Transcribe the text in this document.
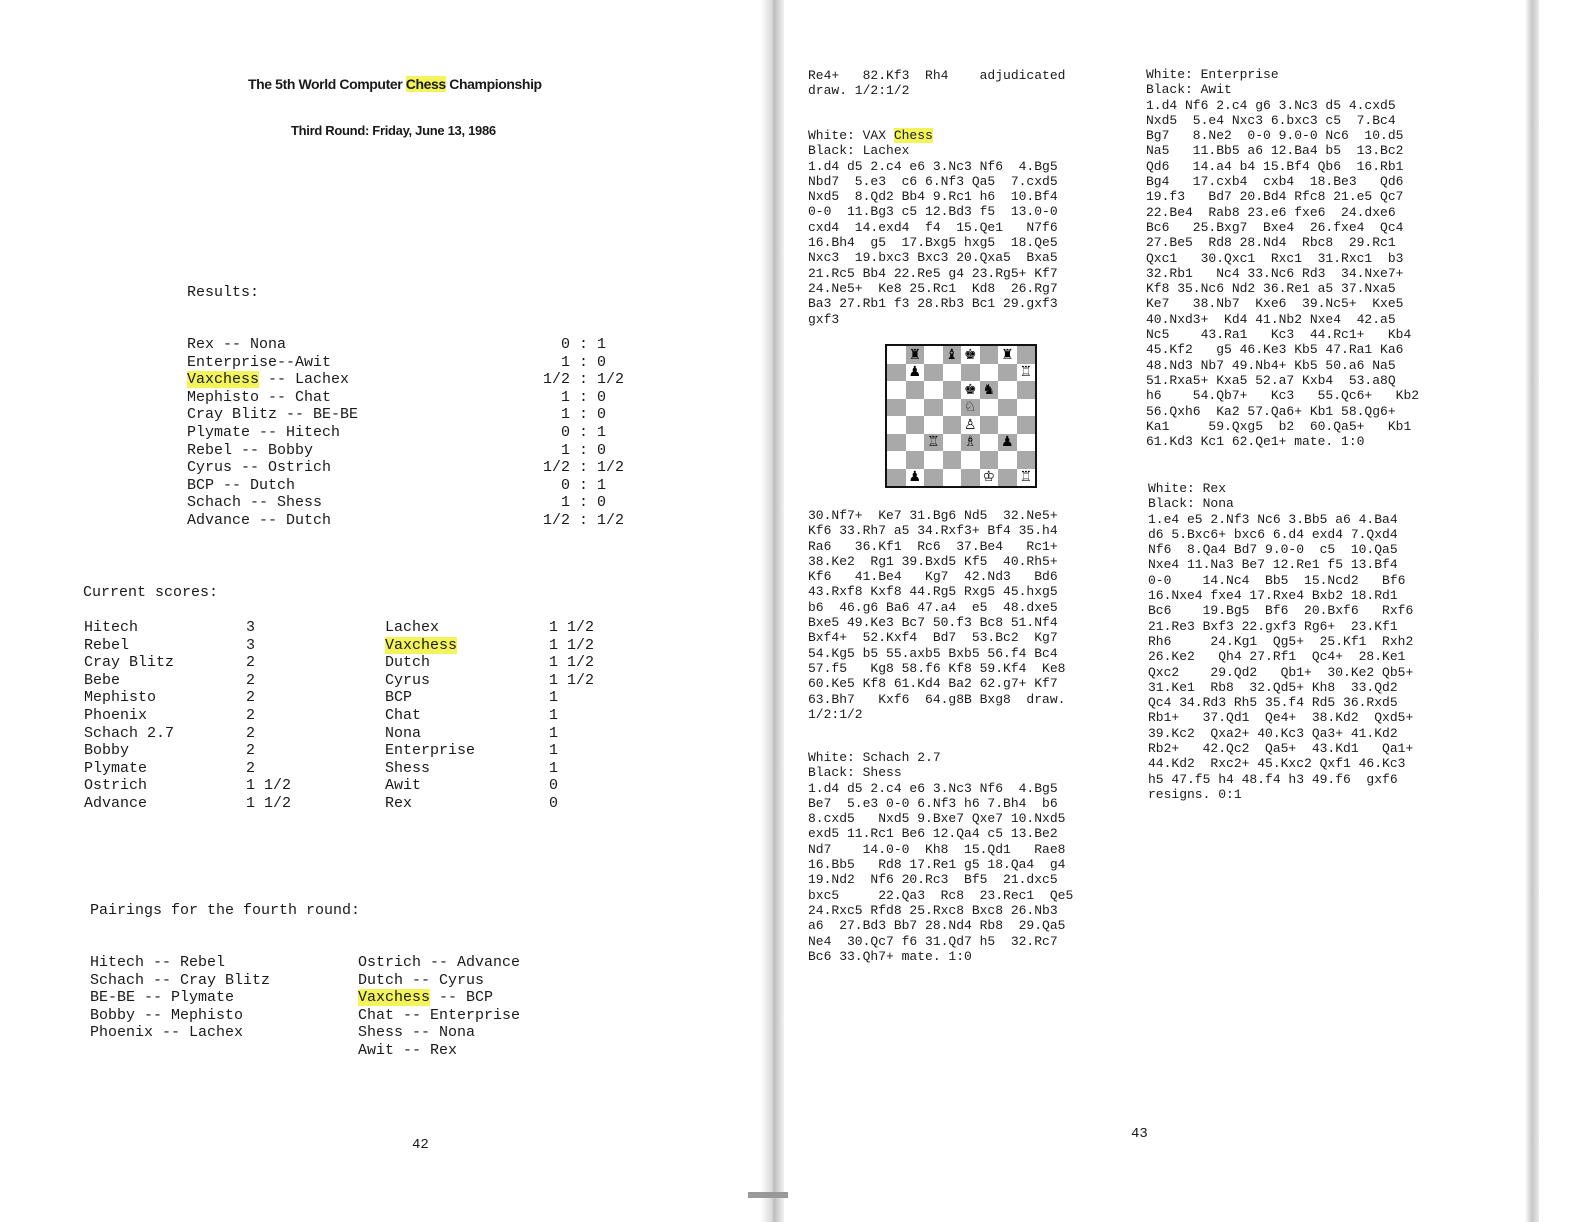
The 5th World Computer Chess Championship
Third Round: Friday, June 13, 1986
Results:
Rex -- Nona	0 : 1
Enterprise--Awit	1 : 0
Vaxchess -- Lachex	1/2 : 1/2
Mephisto -- Chat	1 : 0
Cray Blitz -- BE-BE	1 : 0
Plymate -- Hitech	0 : 1
Rebel -- Bobby	1 : 0
Cyrus -- Ostrich	1/2 : 1/2
BCP -- Dutch	0 : 1
Schach -- Shess	1 : 0
Advance -- Dutch	1/2 : 1/2
Current scores:
Hitech	3
Rebel	3
Cray Blitz	2
Bebe	2
Mephisto	2
Phoenix	2
Schach 2.7	2
Bobby	2
Plymate	2
Ostrich	1 1/2
Advance	1 1/2
Lachex	1 1/2
Vaxchess	1 1/2
Dutch	1 1/2
Cyrus	1 1/2
BCP	1
Chat	1
Nona	1
Enterprise	1
Shess	1
Awit	0
Rex	0
Pairings for the fourth round:
Hitech -- Rebel
Schach -- Cray Blitz
BE-BE -- Plymate
Bobby -- Mephisto
Phoenix -- Lachex
Ostrich -- Advance
Dutch -- Cyrus
Vaxchess -- BCP
Chat -- Enterprise
Shess -- Nona
Awit -- Rex
42
Re4+   82.Kf3  Rh4    adjudicated
draw. 1/2:1/2
White: VAX Chess
Black: Lachex
1.d4 d5 2.c4 e6 3.Nc3 Nf6  4.Bg5
Nbd7  5.e3  c6 6.Nf3 Qa5  7.cxd5
Nxd5  8.Qd2 Bb4 9.Rc1 h6  10.Bf4
0-0  11.Bg3 c5 12.Bd3 f5  13.0-0
cxd4  14.exd4  f4  15.Qe1   N7f6
16.Bh4  g5  17.Bxg5 hxg5  18.Qe5
Nxc3  19.bxc3 Bxc3 20.Qxa5  Bxa5
21.Rc5 Bb4 22.Re5 g4 23.Rg5+ Kf7
24.Ne5+  Ke8 25.Rc1  Kd8  26.Rg7
Ba3 27.Rb1 f3 28.Rb3 Bc1 29.gxf3
gxf3
♜ ♝ ♚ ♜
♟	♖
♚ ♞
♘
♙
♖ ♗ ♟
♟	♔ ♖
30.Nf7+  Ke7 31.Bg6 Nd5  32.Ne5+
Kf6 33.Rh7 a5 34.Rxf3+ Bf4 35.h4
Ra6   36.Kf1  Rc6  37.Be4   Rc1+
38.Ke2  Rg1 39.Bxd5 Kf5  40.Rh5+
Kf6   41.Be4   Kg7  42.Nd3   Bd6
43.Rxf8 Kxf8 44.Rg5 Rxg5 45.hxg5
b6  46.g6 Ba6 47.a4  e5  48.dxe5
Bxe5 49.Ke3 Bc7 50.f3 Bc8 51.Nf4
Bxf4+  52.Kxf4  Bd7  53.Bc2  Kg7
54.Kg5 b5 55.axb5 Bxb5 56.f4 Bc4
57.f5   Kg8 58.f6 Kf8 59.Kf4  Ke8
60.Ke5 Kf8 61.Kd4 Ba2 62.g7+ Kf7
63.Bh7   Kxf6  64.g8B Bxg8  draw.
1/2:1/2
White: Schach 2.7
Black: Shess
1.d4 d5 2.c4 e6 3.Nc3 Nf6  4.Bg5
Be7  5.e3 0-0 6.Nf3 h6 7.Bh4  b6
8.cxd5   Nxd5 9.Bxe7 Qxe7 10.Nxd5
exd5 11.Rc1 Be6 12.Qa4 c5 13.Be2
Nd7    14.0-0  Kh8  15.Qd1   Rae8
16.Bb5   Rd8 17.Re1 g5 18.Qa4  g4
19.Nd2  Nf6 20.Rc3  Bf5  21.dxc5
bxc5     22.Qa3  Rc8  23.Rec1  Qe5
24.Rxc5 Rfd8 25.Rxc8 Bxc8 26.Nb3
a6  27.Bd3 Bb7 28.Nd4 Rb8  29.Qa5
Ne4  30.Qc7 f6 31.Qd7 h5  32.Rc7
Bc6 33.Qh7+ mate. 1:0
White: Enterprise
Black: Awit
1.d4 Nf6 2.c4 g6 3.Nc3 d5 4.cxd5
Nxd5  5.e4 Nxc3 6.bxc3 c5  7.Bc4
Bg7   8.Ne2  0-0 9.0-0 Nc6  10.d5
Na5   11.Bb5 a6 12.Ba4 b5  13.Bc2
Qd6   14.a4 b4 15.Bf4 Qb6  16.Rb1
Bg4   17.cxb4  cxb4  18.Be3   Qd6
19.f3   Bd7 20.Bd4 Rfc8 21.e5 Qc7
22.Be4  Rab8 23.e6 fxe6  24.dxe6
Bc6   25.Bxg7  Bxe4  26.fxe4  Qc4
27.Be5  Rd8 28.Nd4  Rbc8  29.Rc1
Qxc1   30.Qxc1  Rxc1  31.Rxc1  b3
32.Rb1   Nc4 33.Nc6 Rd3  34.Nxe7+
Kf8 35.Nc6 Nd2 36.Re1 a5 37.Nxa5
Ke7   38.Nb7  Kxe6  39.Nc5+  Kxe5
40.Nxd3+  Kd4 41.Nb2 Nxe4  42.a5
Nc5    43.Ra1   Kc3  44.Rc1+   Kb4
45.Kf2   g5 46.Ke3 Kb5 47.Ra1 Ka6
48.Nd3 Nb7 49.Nb4+ Kb5 50.a6 Na5
51.Rxa5+ Kxa5 52.a7 Kxb4  53.a8Q
h6    54.Qb7+   Kc3   55.Qc6+   Kb2
56.Qxh6  Ka2 57.Qa6+ Kb1 58.Qg6+
Ka1     59.Qxg5  b2  60.Qa5+   Kb1
61.Kd3 Kc1 62.Qe1+ mate. 1:0
White: Rex
Black: Nona
1.e4 e5 2.Nf3 Nc6 3.Bb5 a6 4.Ba4
d6 5.Bxc6+ bxc6 6.d4 exd4 7.Qxd4
Nf6  8.Qa4 Bd7 9.0-0  c5  10.Qa5
Nxe4 11.Na3 Be7 12.Re1 f5 13.Bf4
0-0    14.Nc4  Bb5  15.Ncd2   Bf6
16.Nxe4 fxe4 17.Rxe4 Bxb2 18.Rd1
Bc6    19.Bg5  Bf6  20.Bxf6   Rxf6
21.Re3 Bxf3 22.gxf3 Rg6+  23.Kf1
Rh6     24.Kg1  Qg5+  25.Kf1  Rxh2
26.Ke2   Qh4 27.Rf1  Qc4+  28.Ke1
Qxc2    29.Qd2   Qb1+  30.Ke2 Qb5+
31.Ke1  Rb8  32.Qd5+ Kh8  33.Qd2
Qc4 34.Rd3 Rh5 35.f4 Rd5 36.Rxd5
Rb1+   37.Qd1  Qe4+  38.Kd2  Qxd5+
39.Kc2  Qxa2+ 40.Kc3 Qa3+ 41.Kd2
Rb2+   42.Qc2  Qa5+  43.Kd1   Qa1+
44.Kd2  Rxc2+ 45.Kxc2 Qxf1 46.Kc3
h5 47.f5 h4 48.f4 h3 49.f6  gxf6
resigns. 0:1
43
